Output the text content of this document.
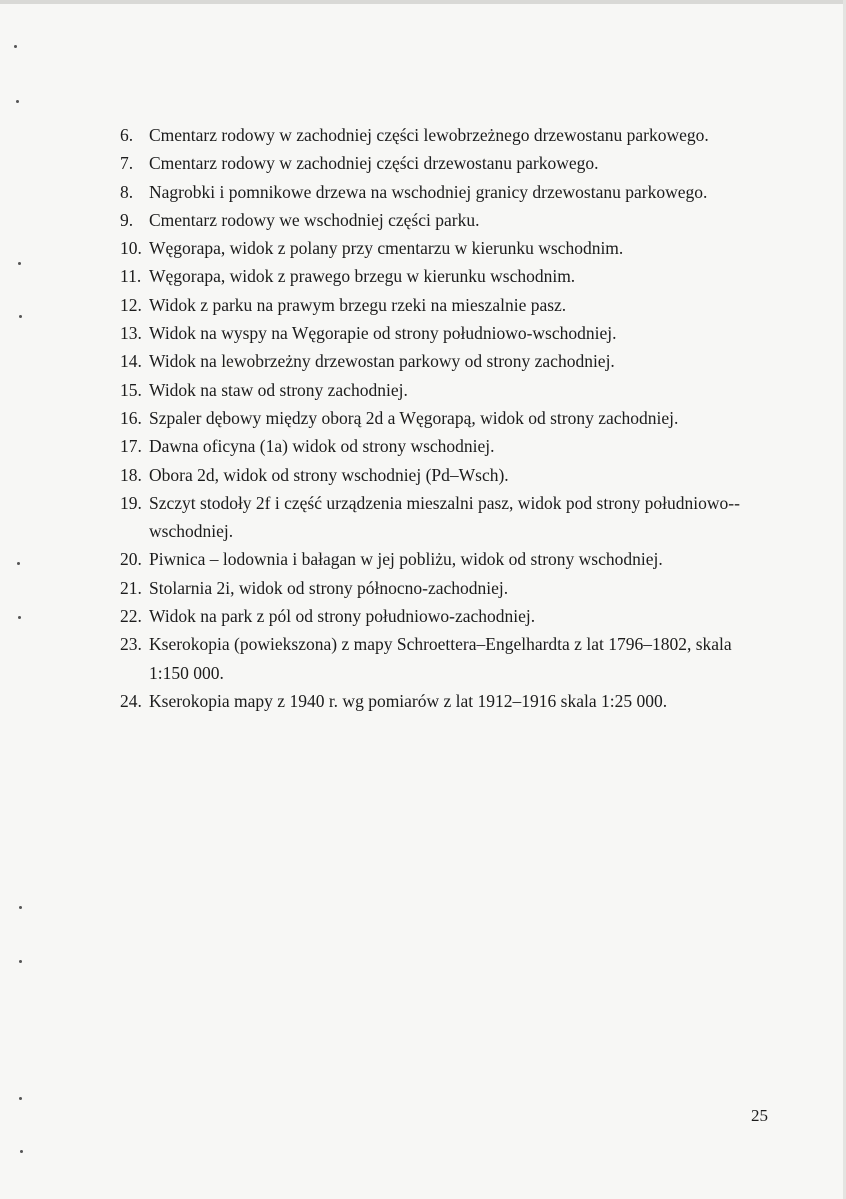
6. Cmentarz rodowy w zachodniej części lewobrzeżnego drzewostanu parkowego.
7. Cmentarz rodowy w zachodniej części drzewostanu parkowego.
8. Nagrobki i pomnikowe drzewa na wschodniej granicy drzewostanu parkowego.
9. Cmentarz rodowy we wschodniej części parku.
10. Węgorapa, widok z polany przy cmentarzu w kierunku wschodnim.
11. Węgorapa, widok z prawego brzegu w kierunku wschodnim.
12. Widok z parku na prawym brzegu rzeki na mieszalnie pasz.
13. Widok na wyspy na Węgorapie od strony południowo-wschodniej.
14. Widok na lewobrzeżny drzewostan parkowy od strony zachodniej.
15. Widok na staw od strony zachodniej.
16. Szpaler dębowy między oborą 2d a Węgorapą, widok od strony zachodniej.
17. Dawna oficyna (1a) widok od strony wschodniej.
18. Obora 2d, widok od strony wschodniej (Pd–Wsch).
19. Szczyt stodoły 2f i część urządzenia mieszalni pasz, widok pod strony południowo--wschodniej.
20. Piwnica – lodownia i bałagan w jej pobliżu, widok od strony wschodniej.
21. Stolarnia 2i, widok od strony północno-zachodniej.
22. Widok na park z pól od strony południowo-zachodniej.
23. Kserokopia (powiekszona) z mapy Schroettera–Engelhardta z lat 1796–1802, skala 1:150 000.
24. Kserokopia mapy z 1940 r. wg pomiarów z lat 1912–1916 skala 1:25 000.
25
